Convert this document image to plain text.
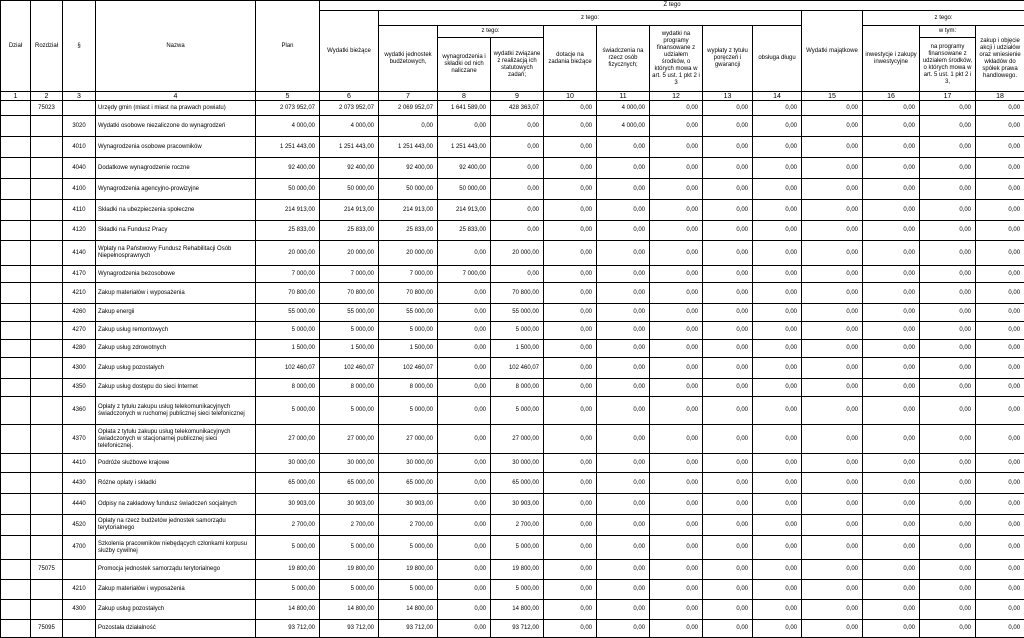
Dział	Rozdział	§	Nazwa	Plan	Z tego												
					Wydatki bieżące	z tego:								Wydatki majątkowe	z tego:		
						wydatki jednostek budżetowych,	z tego:		dotacje na zadania bieżące	świadczenia na rzecz osób fizycznych;	wydatki na programy finansowane z udziałem środków, o których mowa w art. 5 ust. 1 pkt 2 i 3	wypłaty z tytułu poręczeń i gwarancji	obsługa długu		inwestycje i zakupy inwestycyjne	w tym:	zakup i objęcie akcji i udziałów oraz wniesienie wkładów do spółek prawa handlowego.
							wynagrodzenia i składki od nich naliczane	wydatki związane z realizacją ich statutowych zadań;								na programy finansowane z udziałem środków, o których mowa w art. 5 ust. 1 pkt 2 i 3,	
1	2	3	4	5	6	7	8	9	10	11	12	13	14	15	16	17	18
	75023		Urzędy gmin (miast i miast na prawach powiatu)	2 073 952,07	2 073 952,07	2 069 952,07	1 641 589,00	428 363,07	0,00	4 000,00	0,00	0,00	0,00	0,00	0,00	0,00	0,00
		3020	Wydatki osobowe niezaliczone do wynagrodzeń	4 000,00	4 000,00	0,00	0,00	0,00	0,00	4 000,00	0,00	0,00	0,00	0,00	0,00	0,00	0,00
		4010	Wynagrodzenia osobowe pracowników	1 251 443,00	1 251 443,00	1 251 443,00	1 251 443,00	0,00	0,00	0,00	0,00	0,00	0,00	0,00	0,00	0,00	0,00
		4040	Dodatkowe wynagrodzenie roczne	92 400,00	92 400,00	92 400,00	92 400,00	0,00	0,00	0,00	0,00	0,00	0,00	0,00	0,00	0,00	0,00
		4100	Wynagrodzenia agencyjno-prowizyjne	50 000,00	50 000,00	50 000,00	50 000,00	0,00	0,00	0,00	0,00	0,00	0,00	0,00	0,00	0,00	0,00
		4110	Składki na ubezpieczenia społeczne	214 913,00	214 913,00	214 913,00	214 913,00	0,00	0,00	0,00	0,00	0,00	0,00	0,00	0,00	0,00	0,00
		4120	Składki na Fundusz Pracy	25 833,00	25 833,00	25 833,00	25 833,00	0,00	0,00	0,00	0,00	0,00	0,00	0,00	0,00	0,00	0,00
		4140	Wpłaty na Państwowy Fundusz Rehabilitacji Osób Niepełnosprawnych	20 000,00	20 000,00	20 000,00	0,00	20 000,00	0,00	0,00	0,00	0,00	0,00	0,00	0,00	0,00	0,00
		4170	Wynagrodzenia bezosobowe	7 000,00	7 000,00	7 000,00	7 000,00	0,00	0,00	0,00	0,00	0,00	0,00	0,00	0,00	0,00	0,00
		4210	Zakup materiałów i wyposażenia	70 800,00	70 800,00	70 800,00	0,00	70 800,00	0,00	0,00	0,00	0,00	0,00	0,00	0,00	0,00	0,00
		4260	Zakup energii	55 000,00	55 000,00	55 000,00	0,00	55 000,00	0,00	0,00	0,00	0,00	0,00	0,00	0,00	0,00	0,00
		4270	Zakup usług remontowych	5 000,00	5 000,00	5 000,00	0,00	5 000,00	0,00	0,00	0,00	0,00	0,00	0,00	0,00	0,00	0,00
		4280	Zakup usług zdrowotnych	1 500,00	1 500,00	1 500,00	0,00	1 500,00	0,00	0,00	0,00	0,00	0,00	0,00	0,00	0,00	0,00
		4300	Zakup usług pozostałych	102 460,07	102 460,07	102 460,07	0,00	102 460,07	0,00	0,00	0,00	0,00	0,00	0,00	0,00	0,00	0,00
		4350	Zakup usług dostępu do sieci Internet	8 000,00	8 000,00	8 000,00	0,00	8 000,00	0,00	0,00	0,00	0,00	0,00	0,00	0,00	0,00	0,00
		4360	Opłaty z tytułu zakupu usług telekomunikacyjnych świadczonych w ruchomej publicznej sieci telefonicznej	5 000,00	5 000,00	5 000,00	0,00	5 000,00	0,00	0,00	0,00	0,00	0,00	0,00	0,00	0,00	0,00
		4370	Opłata z tytułu zakupu usług telekomunikacyjnych świadczonych w stacjonarnej publicznej sieci telefonicznej.	27 000,00	27 000,00	27 000,00	0,00	27 000,00	0,00	0,00	0,00	0,00	0,00	0,00	0,00	0,00	0,00
		4410	Podróże służbowe krajowe	30 000,00	30 000,00	30 000,00	0,00	30 000,00	0,00	0,00	0,00	0,00	0,00	0,00	0,00	0,00	0,00
		4430	Różne opłaty i składki	65 000,00	65 000,00	65 000,00	0,00	65 000,00	0,00	0,00	0,00	0,00	0,00	0,00	0,00	0,00	0,00
		4440	Odpisy na zakładowy fundusz świadczeń socjalnych	30 903,00	30 903,00	30 903,00	0,00	30 903,00	0,00	0,00	0,00	0,00	0,00	0,00	0,00	0,00	0,00
		4520	Opłaty na rzecz budżetów jednostek samorządu terytorialnego	2 700,00	2 700,00	2 700,00	0,00	2 700,00	0,00	0,00	0,00	0,00	0,00	0,00	0,00	0,00	0,00
		4700	Szkolenia pracowników niebędących członkami korpusu służby cywilnej	5 000,00	5 000,00	5 000,00	0,00	5 000,00	0,00	0,00	0,00	0,00	0,00	0,00	0,00	0,00	0,00
	75075		Promocja jednostek samorządu terytorialnego	19 800,00	19 800,00	19 800,00	0,00	19 800,00	0,00	0,00	0,00	0,00	0,00	0,00	0,00	0,00	0,00
		4210	Zakup materiałów i wyposażenia	5 000,00	5 000,00	5 000,00	0,00	5 000,00	0,00	0,00	0,00	0,00	0,00	0,00	0,00	0,00	0,00
		4300	Zakup usług pozostałych	14 800,00	14 800,00	14 800,00	0,00	14 800,00	0,00	0,00	0,00	0,00	0,00	0,00	0,00	0,00	0,00
	75095		Pozostała działalność	93 712,00	93 712,00	93 712,00	0,00	93 712,00	0,00	0,00	0,00	0,00	0,00	0,00	0,00	0,00	0,00
